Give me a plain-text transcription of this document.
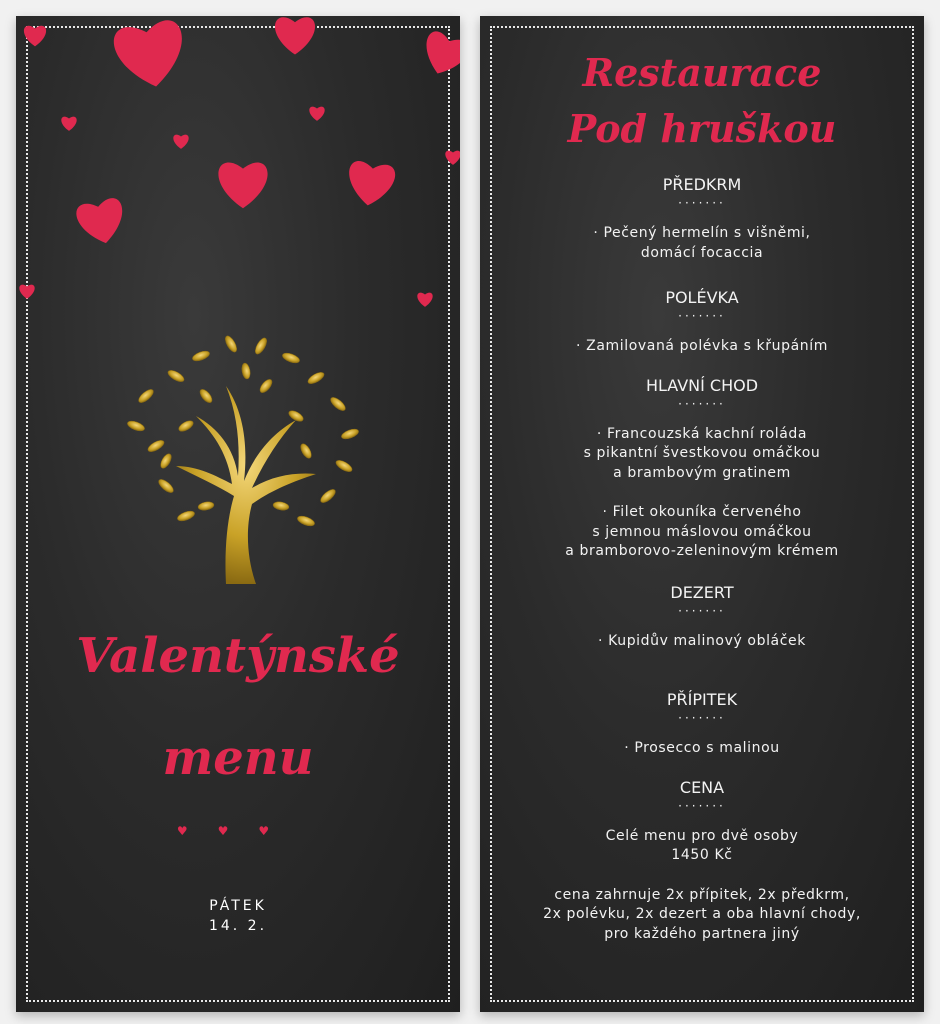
Valentýnské
menu
♥♥♥
PÁTEK
14. 2.
Restaurace
Pod hruškou
PŘEDKRM
·······
· Pečený hermelín s višněmi,
domácí focaccia
POLÉVKA
·······
· Zamilovaná polévka s křupáním
HLAVNÍ CHOD
·······
· Francouzská kachní roláda
s pikantní švestkovou omáčkou
a brambovým gratinem
· Filet okouníka červeného
s jemnou máslovou omáčkou
a bramborovo-zeleninovým krémem
DEZERT
·······
· Kupidův malinový obláček
PŘÍPITEK
·······
· Prosecco s malinou
CENA
·······
Celé menu pro dvě osoby
1450 Kč
cena zahrnuje 2x přípitek, 2x předkrm,
2x polévku, 2x dezert a oba hlavní chody,
pro každého partnera jiný
